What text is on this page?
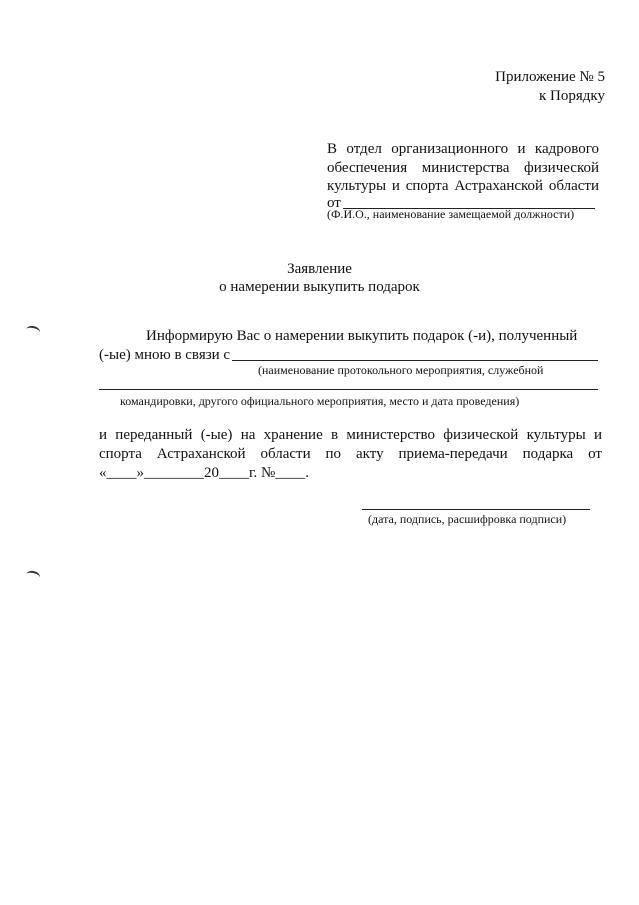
Приложение № 5
к Порядку
В отдел организационного и кадрового
обеспечения министерства физической
культуры и спорта Астраханской области
от
(Ф.И.О., наименование замещаемой должности)
Заявление
о намерении выкупить подарок
Информирую Вас о намерении выкупить подарок (-и), полученный
(-ые) мною в связи с
(наименование протокольного мероприятия, служебной
командировки, другого официального мероприятия, место и дата проведения)
и переданный (-ые) на хранение в министерство физической культуры и
спорта Астраханской области по акту приема-передачи подарка от
«____»________20____г. №____.
(дата, подпись, расшифровка подписи)
